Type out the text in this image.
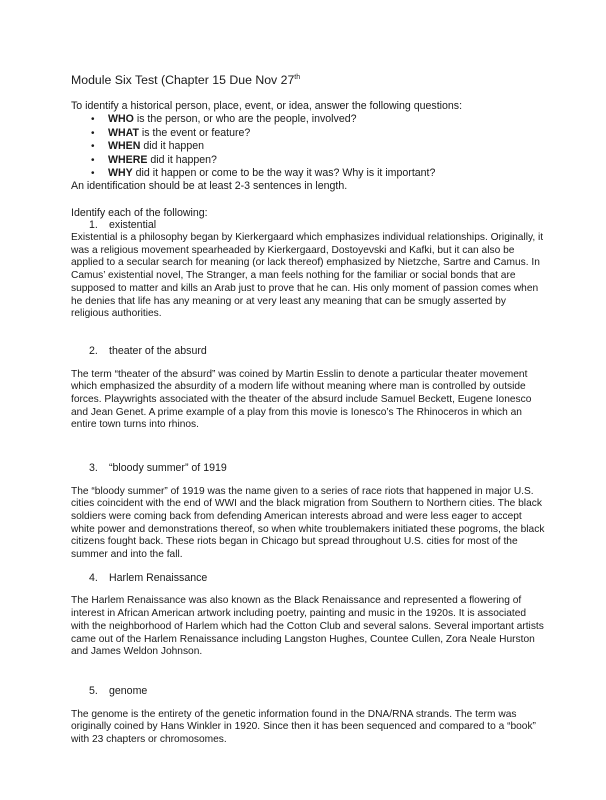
Module Six Test (Chapter 15 Due Nov 27th

To identify a historical person, place, event, or idea, answer the following questions:

• WHO is the person, or who are the people, involved?
• WHAT is the event or feature?
• WHEN did it happen
• WHERE did it happen?
• WHY did it happen or come to be the way it was? Why is it important?

An identification should be at least 2-3 sentences in length.

Identify each of the following:

1. existential

Existential is a philosophy began by Kierkergaard which emphasizes individual relationships. Originally, it was a religious movement spearheaded by Kierkergaard, Dostoyevski and Kafki, but it can also be applied to a secular search for meaning (or lack thereof) emphasized by Nietzche, Sartre and Camus. In Camus’ existential novel, The Stranger, a man feels nothing for the familiar or social bonds that are supposed to matter and kills an Arab just to prove that he can. His only moment of passion comes when he denies that life has any meaning or at very least any meaning that can be smugly asserted by religious authorities.

2. theater of the absurd

The term “theater of the absurd” was coined by Martin Esslin to denote a particular theater movement which emphasized the absurdity of a modern life without meaning where man is controlled by outside forces. Playwrights associated with the theater of the absurd include Samuel Beckett, Eugene Ionesco and Jean Genet. A prime example of a play from this movie is Ionesco’s The Rhinoceros in which an entire town turns into rhinos.

3. “bloody summer” of 1919

The “bloody summer” of 1919 was the name given to a series of race riots that happened in major U.S. cities coincident with the end of WWI and the black migration from Southern to Northern cities. The black soldiers were coming back from defending American interests abroad and were less eager to accept white power and demonstrations thereof, so when white troublemakers initiated these pogroms, the black citizens fought back. These riots began in Chicago but spread throughout U.S. cities for most of the summer and into the fall.

4. Harlem Renaissance

The Harlem Renaissance was also known as the Black Renaissance and represented a flowering of interest in African American artwork including poetry, painting and music in the 1920s. It is associated with the neighborhood of Harlem which had the Cotton Club and several salons. Several important artists came out of the Harlem Renaissance including Langston Hughes, Countee Cullen, Zora Neale Hurston and James Weldon Johnson.

5. genome

The genome is the entirety of the genetic information found in the DNA/RNA strands. The term was originally coined by Hans Winkler in 1920. Since then it has been sequenced and compared to a “book” with 23 chapters or chromosomes.
